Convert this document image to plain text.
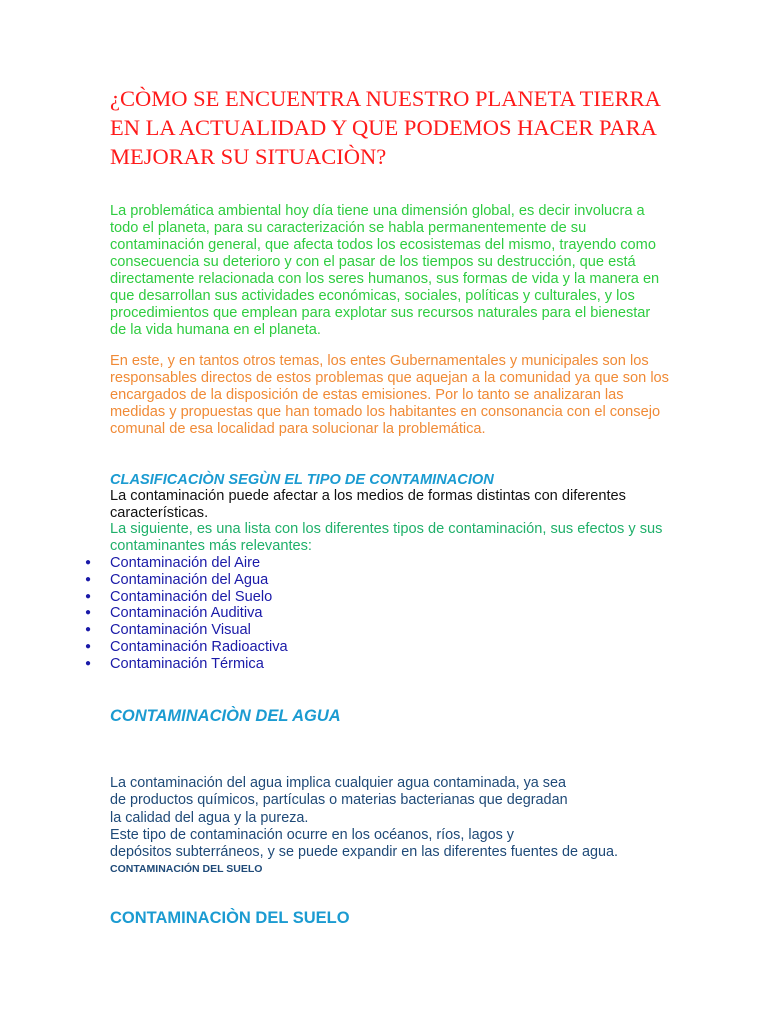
¿CÒMO SE ENCUENTRA NUESTRO PLANETA TIERRA EN LA ACTUALIDAD Y QUE PODEMOS HACER PARA MEJORAR SU SITUACIÒN?

La problemática ambiental hoy día tiene una dimensión global, es decir involucra a todo el planeta, para su caracterización se habla permanentemente de su contaminación general, que afecta todos los ecosistemas del mismo, trayendo como consecuencia su deterioro y con el pasar de los tiempos su destrucción, que está directamente relacionada con los seres humanos, sus formas de vida y la manera en que desarrollan sus actividades económicas, sociales, políticas y culturales, y los procedimientos que emplean para explotar sus recursos naturales para el bienestar de la vida humana en el planeta.

En este, y en tantos otros temas, los entes Gubernamentales y municipales son los responsables directos de estos problemas que aquejan a la comunidad ya que son los encargados de la disposición de estas emisiones. Por lo tanto se analizaran las medidas y propuestas que han tomado los habitantes en consonancia con el consejo comunal de esa localidad para solucionar la problemática.

CLASIFICACIÒN SEGÙN EL TIPO DE CONTAMINACION

La contaminación puede afectar a los medios de formas distintas con diferentes características.

La siguiente, es una lista con los diferentes tipos de contaminación, sus efectos y sus contaminantes más relevantes:

● Contaminación del Aire
● Contaminación del Agua
● Contaminación del Suelo
● Contaminación Auditiva
● Contaminación Visual
● Contaminación Radioactiva
● Contaminación Térmica
CONTAMINACIÒN DEL AGUA
La contaminación del agua implica cualquier agua contaminada, ya sea
de productos químicos, partículas o materias bacterianas que degradan
la calidad del agua y la pureza.
Este tipo de contaminación ocurre en los océanos, ríos, lagos y
depósitos subterráneos, y se puede expandir en las diferentes fuentes de agua.

CONTAMINACIÓN DEL SUELO

CONTAMINACIÒN DEL SUELO
